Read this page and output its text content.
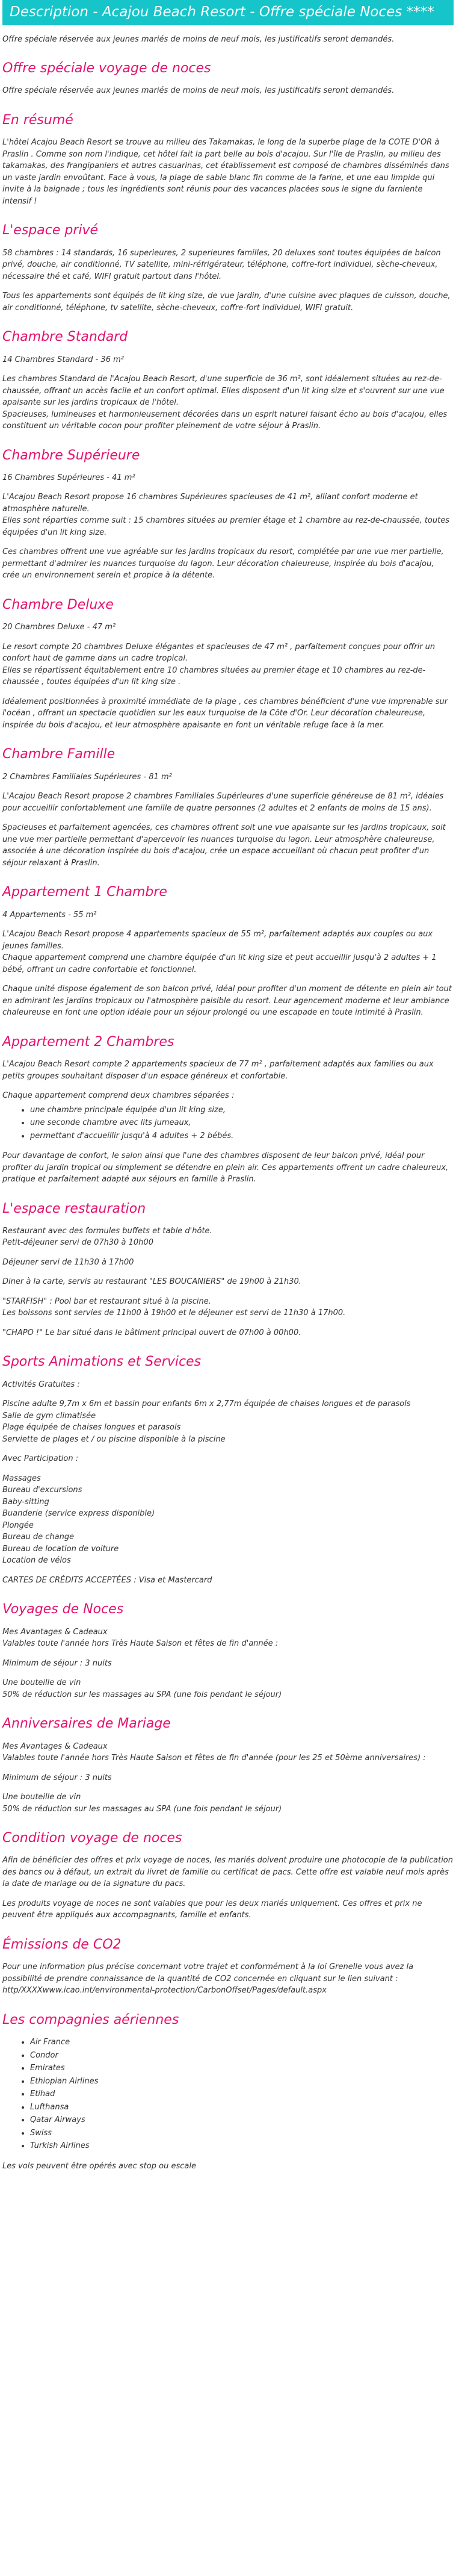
Description - Acajou Beach Resort - Offre spéciale Noces ****

Offre spéciale réservée aux jeunes mariés de moins de neuf mois, les justificatifs seront demandés.

Offre spéciale voyage de noces

Offre spéciale réservée aux jeunes mariés de moins de neuf mois, les justificatifs seront demandés.

En résumé

L'hôtel Acajou Beach Resort se trouve au milieu des Takamakas, le long de la superbe plage de la COTE D'OR à Praslin . Comme son nom l'indique, cet hôtel fait la part belle au bois d'acajou. Sur l'île de Praslin, au milieu des takamakas, des frangipaniers et autres casuarinas, cet établissement est composé de chambres disséminés dans un vaste jardin envoûtant. Face à vous, la plage de sable blanc fin comme de la farine, et une eau limpide qui invite à la baignade ; tous les ingrédients sont réunis pour des vacances placées sous le signe du farniente intensif !

L'espace privé

58 chambres : 14 standards, 16 superieures, 2 superieures familles, 20 deluxes sont toutes équipées de balcon privé, douche, air conditionné, TV satellite, mini-réfrigérateur, téléphone, coffre-fort individuel, sèche-cheveux, nécessaire thé et café, WIFI gratuit partout dans l'hôtel.

Tous les appartements sont équipés de lit king size, de vue jardin, d'une cuisine avec plaques de cuisson, douche, air conditionné, téléphone, tv satellite, sèche-cheveux, coffre-fort individuel, WIFI gratuit.

Chambre Standard

14 Chambres Standard - 36 m²

Les chambres Standard de l'Acajou Beach Resort, d'une superficie de 36 m², sont idéalement situées au rez-de-chaussée, offrant un accès facile et un confort optimal. Elles disposent d'un lit king size et s'ouvrent sur une vue apaisante sur les jardins tropicaux de l'hôtel.

Spacieuses, lumineuses et harmonieusement décorées dans un esprit naturel faisant écho au bois d'acajou, elles constituent un véritable cocon pour profiter pleinement de votre séjour à Praslin.

Chambre Supérieure

16 Chambres Supérieures - 41 m²

L'Acajou Beach Resort propose 16 chambres Supérieures spacieuses de 41 m², alliant confort moderne et atmosphère naturelle.

Elles sont réparties comme suit : 15 chambres situées au premier étage et 1 chambre au rez-de-chaussée, toutes équipées d'un lit king size.

Ces chambres offrent une vue agréable sur les jardins tropicaux du resort, complétée par une vue mer partielle, permettant d'admirer les nuances turquoise du lagon. Leur décoration chaleureuse, inspirée du bois d'acajou, crée un environnement serein et propice à la détente.

Chambre Deluxe

20 Chambres Deluxe - 47 m²

Le resort compte 20 chambres Deluxe élégantes et spacieuses de 47 m² , parfaitement conçues pour offrir un confort haut de gamme dans un cadre tropical.

Elles se répartissent équitablement entre 10 chambres situées au premier étage et 10 chambres au rez-de-chaussée , toutes équipées d'un lit king size .

Idéalement positionnées à proximité immédiate de la plage , ces chambres bénéficient d'une vue imprenable sur l'océan , offrant un spectacle quotidien sur les eaux turquoise de la Côte d'Or. Leur décoration chaleureuse, inspirée du bois d'acajou, et leur atmosphère apaisante en font un véritable refuge face à la mer.

Chambre Famille

2 Chambres Familiales Supérieures - 81 m²

L'Acajou Beach Resort propose 2 chambres Familiales Supérieures d'une superficie généreuse de 81 m², idéales pour accueillir confortablement une famille de quatre personnes (2 adultes et 2 enfants de moins de 15 ans).

Spacieuses et parfaitement agencées, ces chambres offrent soit une vue apaisante sur les jardins tropicaux, soit une vue mer partielle permettant d'apercevoir les nuances turquoise du lagon. Leur atmosphère chaleureuse, associée à une décoration inspirée du bois d'acajou, crée un espace accueillant où chacun peut profiter d'un séjour relaxant à Praslin.

Appartement 1 Chambre

4 Appartements - 55 m²

L'Acajou Beach Resort propose 4 appartements spacieux de 55 m², parfaitement adaptés aux couples ou aux jeunes familles.

Chaque appartement comprend une chambre équipée d'un lit king size et peut accueillir jusqu'à 2 adultes + 1 bébé, offrant un cadre confortable et fonctionnel.

Chaque unité dispose également de son balcon privé, idéal pour profiter d'un moment de détente en plein air tout en admirant les jardins tropicaux ou l'atmosphère paisible du resort. Leur agencement moderne et leur ambiance chaleureuse en font une option idéale pour un séjour prolongé ou une escapade en toute intimité à Praslin.

Appartement 2 Chambres

L'Acajou Beach Resort compte 2 appartements spacieux de 77 m² , parfaitement adaptés aux familles ou aux petits groupes souhaitant disposer d'un espace généreux et confortable.

Chaque appartement comprend deux chambres séparées :

• une chambre principale équipée d'un lit king size,
• une seconde chambre avec lits jumeaux,
• permettant d'accueillir jusqu'à 4 adultes + 2 bébés.

Pour davantage de confort, le salon ainsi que l'une des chambres disposent de leur balcon privé, idéal pour profiter du jardin tropical ou simplement se détendre en plein air. Ces appartements offrent un cadre chaleureux, pratique et parfaitement adapté aux séjours en famille à Praslin.

L'espace restauration

Restaurant avec des formules buffets et table d'hôte.

Petit-déjeuner servi de 07h30 à 10h00

Déjeuner servi de 11h30 à 17h00

Diner à la carte, servis au restaurant "LES BOUCANIERS" de 19h00 à 21h30.

"STARFISH" : Pool bar et restaurant situé à la piscine.

Les boissons sont servies de 11h00 à 19h00 et le déjeuner est servi de 11h30 à 17h00.

"CHAPO !" Le bar situé dans le bâtiment principal ouvert de 07h00 à 00h00.

Sports Animations et Services

Activités Gratuites :

Piscine adulte 9,7m x 6m et bassin pour enfants 6m x 2,77m équipée de chaises longues et de parasols

Salle de gym climatisée

Plage équipée de chaises longues et parasols

Serviette de plages et / ou piscine disponible à la piscine

Avec Participation :

Massages

Bureau d'excursions

Baby-sitting

Buanderie (service express disponible)

Plongée

Bureau de change

Bureau de location de voiture

Location de vélos

CARTES DE CRÉDITS ACCEPTÉES : Visa et Mastercard

Voyages de Noces

Mes Avantages & Cadeaux

Valables toute l'année hors Très Haute Saison et fêtes de fin d'année :

Minimum de séjour : 3 nuits

Une bouteille de vin

50% de réduction sur les massages au SPA (une fois pendant le séjour)

Anniversaires de Mariage

Mes Avantages & Cadeaux

Valables toute l'année hors Très Haute Saison et fêtes de fin d'année (pour les 25 et 50ème anniversaires) :

Minimum de séjour : 3 nuits

Une bouteille de vin

50% de réduction sur les massages au SPA (une fois pendant le séjour)

Condition voyage de noces

Afin de bénéficier des offres et prix voyage de noces, les mariés doivent produire une photocopie de la publication des bancs ou à défaut, un extrait du livret de famille ou certificat de pacs. Cette offre est valable neuf mois après la date de mariage ou de la signature du pacs.

Les produits voyage de noces ne sont valables que pour les deux mariés uniquement. Ces offres et prix ne peuvent être appliqués aux accompagnants, famille et enfants.

Émissions de CO2

Pour une information plus précise concernant votre trajet et conformément à la loi Grenelle vous avez la possibilité de prendre connaissance de la quantité de CO2 concernée en cliquant sur le lien suivant : http/XXXXwww.icao.int/environmental-protection/CarbonOffset/Pages/default.aspx

Les compagnies aériennes
• Air France
• Condor
• Emirates
• Ethiopian Airlines
• Etihad
• Lufthansa
• Qatar Airways
• Swiss
• Turkish Airlines

Les vols peuvent être opérés avec stop ou escale
